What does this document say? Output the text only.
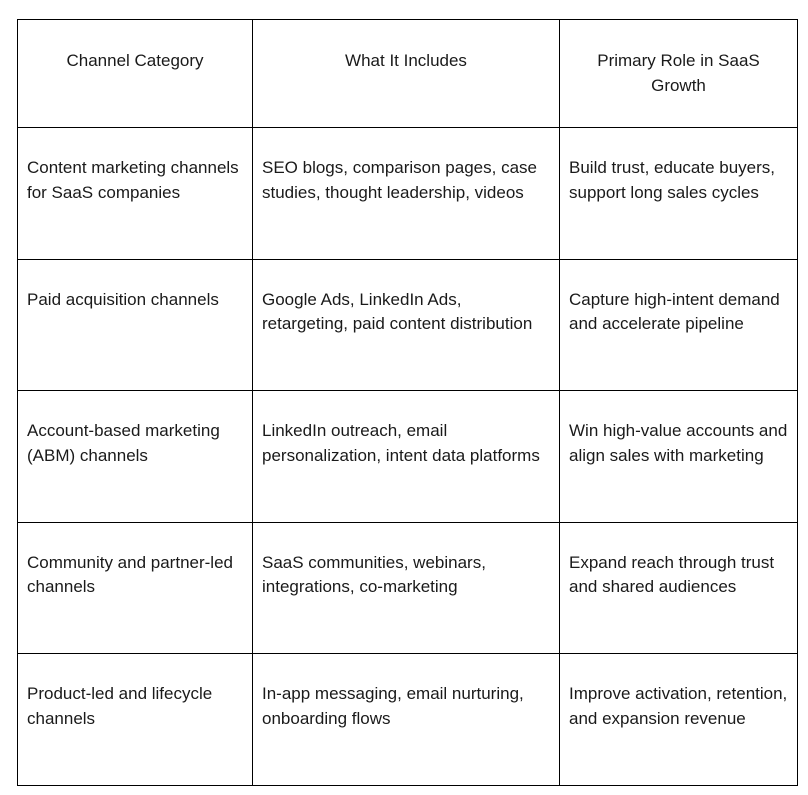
Channel Category	What It Includes	Primary Role in SaaS Growth

Content marketing channels for SaaS companies	SEO blogs, comparison pages, case studies, thought leadership, videos	Build trust, educate buyers, support long sales cycles

Paid acquisition channels	Google Ads, LinkedIn Ads, retargeting, paid content distribution	Capture high-intent demand and accelerate pipeline

Account-based marketing (ABM) channels	LinkedIn outreach, email personalization, intent data platforms	Win high-value accounts and align sales with marketing

Community and partner-led channels	SaaS communities, webinars, integrations, co-marketing	Expand reach through trust and shared audiences

Product-led and lifecycle channels	In-app messaging, email nurturing, onboarding flows	Improve activation, retention, and expansion revenue
